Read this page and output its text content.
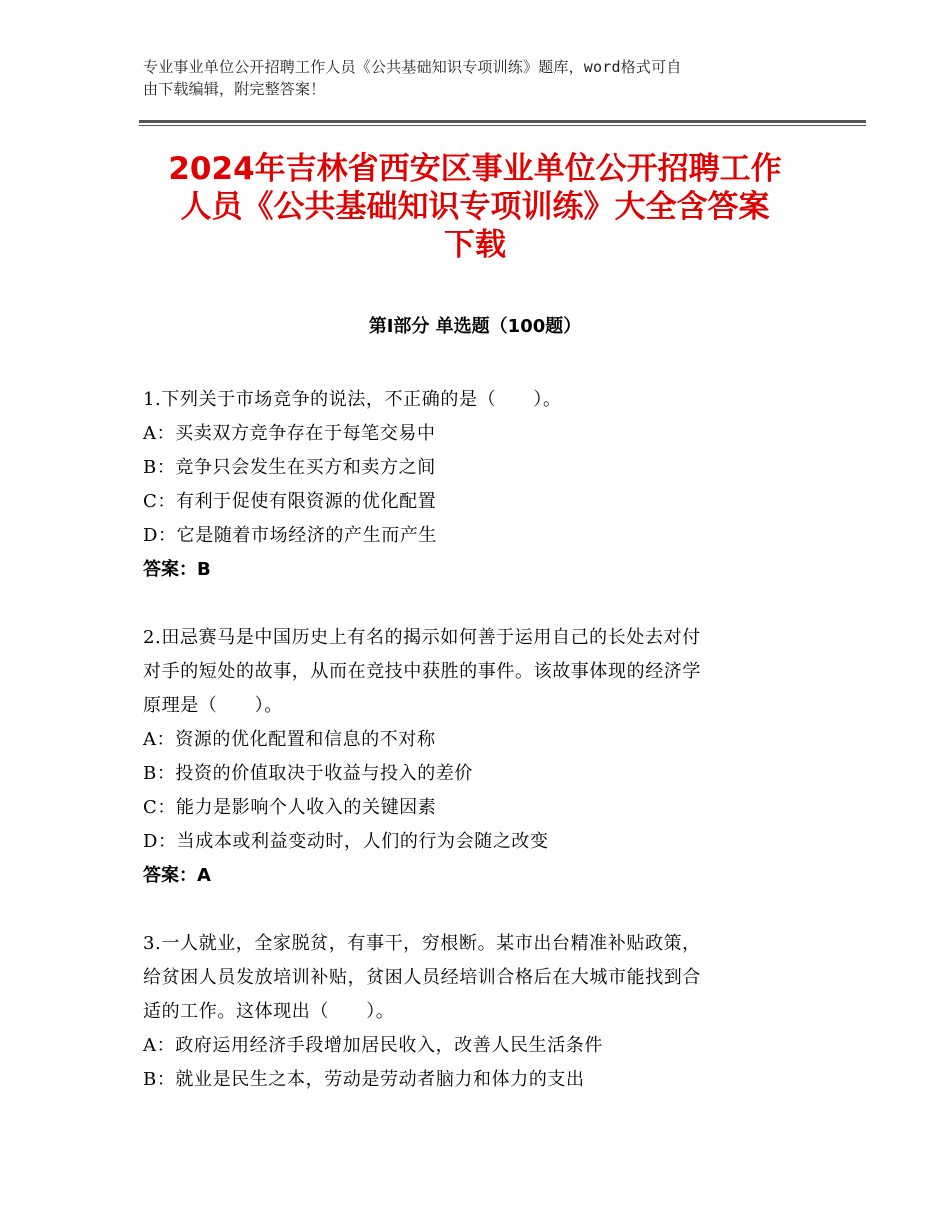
专业事业单位公开招聘工作人员《公共基础知识专项训练》题库，word格式可自
由下载编辑，附完整答案！
2024年吉林省西安区事业单位公开招聘工作
人员《公共基础知识专项训练》大全含答案
下载
第Ⅰ部分 单选题（100题）
1.下列关于市场竞争的说法，不正确的是（　　）。
A：买卖双方竞争存在于每笔交易中
B：竞争只会发生在买方和卖方之间
C：有利于促使有限资源的优化配置
D：它是随着市场经济的产生而产生
答案：B
2.田忌赛马是中国历史上有名的揭示如何善于运用自己的长处去对付
对手的短处的故事，从而在竞技中获胜的事件。该故事体现的经济学
原理是（　　）。
A：资源的优化配置和信息的不对称
B：投资的价值取决于收益与投入的差价
C：能力是影响个人收入的关键因素
D：当成本或利益变动时，人们的行为会随之改变
答案：A
3.一人就业，全家脱贫，有事干，穷根断。某市出台精准补贴政策，
给贫困人员发放培训补贴，贫困人员经培训合格后在大城市能找到合
适的工作。这体现出（　　）。
A：政府运用经济手段增加居民收入，改善人民生活条件
B：就业是民生之本，劳动是劳动者脑力和体力的支出
